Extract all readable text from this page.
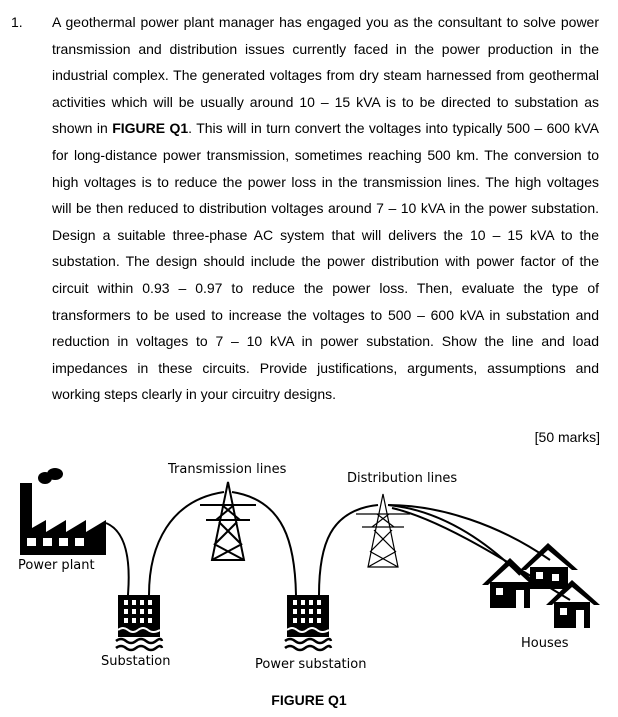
1. A geothermal power plant manager has engaged you as the consultant to solve power transmission and distribution issues currently faced in the power production in the industrial complex. The generated voltages from dry steam harnessed from geothermal activities which will be usually around 10 – 15 kVA is to be directed to substation as shown in FIGURE Q1. This will in turn convert the voltages into typically 500 – 600 kVA for long-distance power transmission, sometimes reaching 500 km. The conversion to high voltages is to reduce the power loss in the transmission lines. The high voltages will be then reduced to distribution voltages around 7 – 10 kVA in the power substation. Design a suitable three-phase AC system that will delivers the 10 – 15 kVA to the substation. The design should include the power distribution with power factor of the circuit within 0.93 – 0.97 to reduce the power loss. Then, evaluate the type of transformers to be used to increase the voltages to 500 – 600 kVA in substation and reduction in voltages to 7 – 10 kVA in power substation. Show the line and load impedances in these circuits. Provide justifications, arguments, assumptions and working steps clearly in your circuitry designs.

[50 marks]
Transmission lines
Distribution lines
Power plant
Houses
Substation	Power substation
FIGURE Q1
